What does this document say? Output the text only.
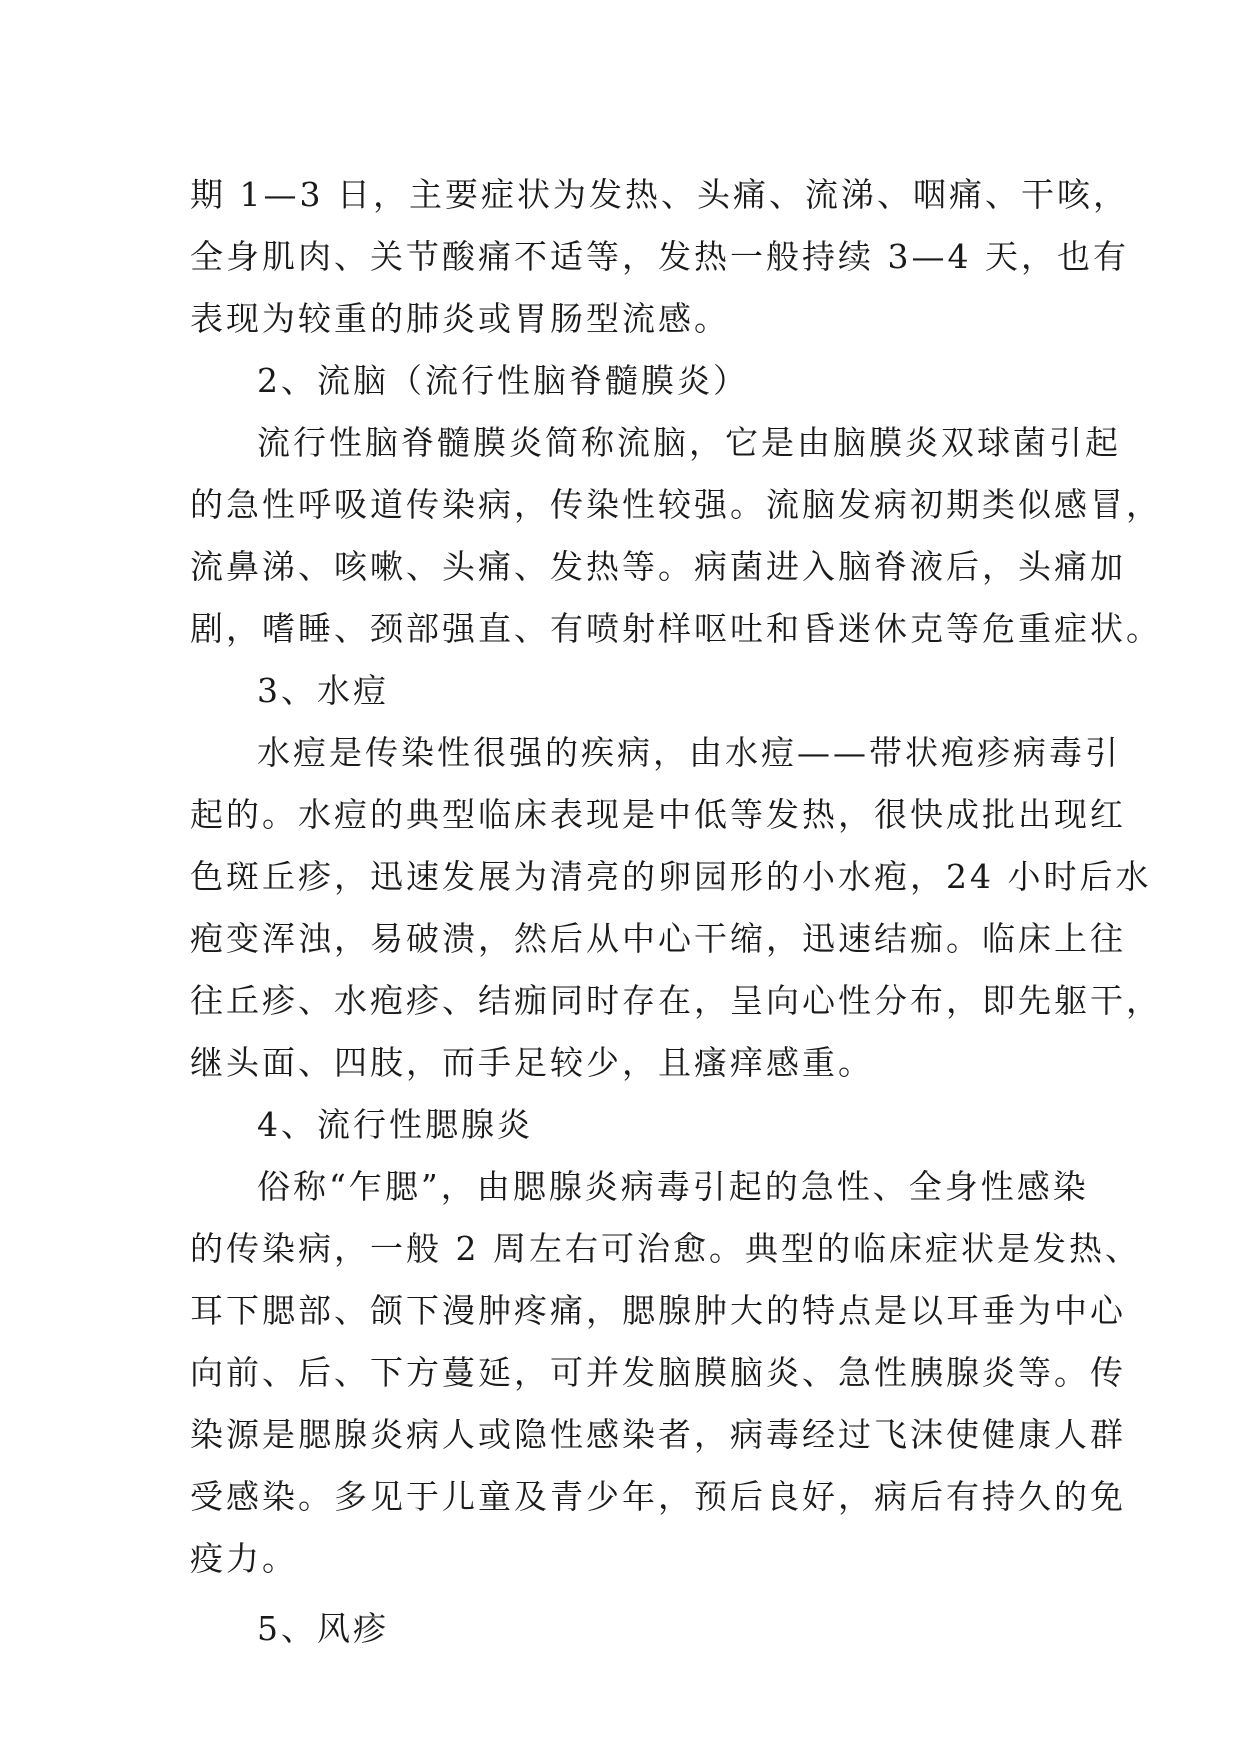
期 1—3 日，主要症状为发热、头痛、流涕、咽痛、干咳，
全身肌肉、关节酸痛不适等，发热一般持续 3—4 天，也有
表现为较重的肺炎或胃肠型流感。
2、流脑（流行性脑脊髓膜炎）
流行性脑脊髓膜炎简称流脑，它是由脑膜炎双球菌引起
的急性呼吸道传染病，传染性较强。流脑发病初期类似感冒，
流鼻涕、咳嗽、头痛、发热等。病菌进入脑脊液后，头痛加
剧，嗜睡、颈部强直、有喷射样呕吐和昏迷休克等危重症状。
3、水痘
水痘是传染性很强的疾病，由水痘——带状疱疹病毒引
起的。水痘的典型临床表现是中低等发热，很快成批出现红
色斑丘疹，迅速发展为清亮的卵园形的小水疱，24 小时后水
疱变浑浊，易破溃，然后从中心干缩，迅速结痂。临床上往
往丘疹、水疱疹、结痂同时存在，呈向心性分布，即先躯干，
继头面、四肢，而手足较少，且瘙痒感重。
4、流行性腮腺炎
俗称“乍腮”，由腮腺炎病毒引起的急性、全身性感染
的传染病，一般 2 周左右可治愈。典型的临床症状是发热、
耳下腮部、颌下漫肿疼痛，腮腺肿大的特点是以耳垂为中心
向前、后、下方蔓延，可并发脑膜脑炎、急性胰腺炎等。传
染源是腮腺炎病人或隐性感染者，病毒经过飞沫使健康人群
受感染。多见于儿童及青少年，预后良好，病后有持久的免
疫力。
5、风疹
